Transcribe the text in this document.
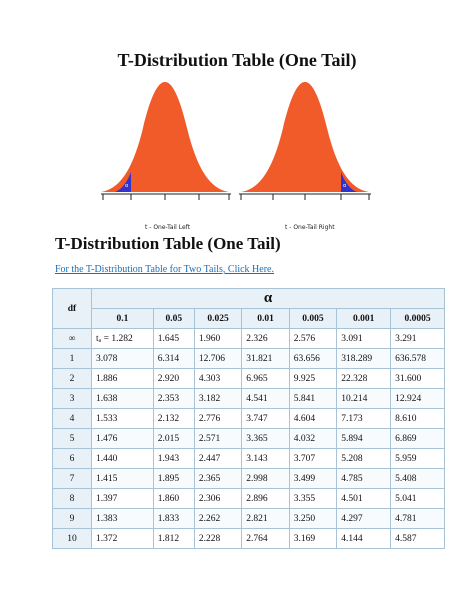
T-Distribution Table (One Tail)
α
t - One-Tail Left
α
t - One-Tail Right
T-Distribution Table (One Tail)
For the T-Distribution Table for Two Tails, Click Here.
df	α						
	0.1	0.05	0.025	0.01	0.005	0.001	0.0005
∞	tₐ = 1.282	1.645	1.960	2.326	2.576	3.091	3.291
1	3.078	6.314	12.706	31.821	63.656	318.289	636.578
2	1.886	2.920	4.303	6.965	9.925	22.328	31.600
3	1.638	2.353	3.182	4.541	5.841	10.214	12.924
4	1.533	2.132	2.776	3.747	4.604	7.173	8.610
5	1.476	2.015	2.571	3.365	4.032	5.894	6.869
6	1.440	1.943	2.447	3.143	3.707	5.208	5.959
7	1.415	1.895	2.365	2.998	3.499	4.785	5.408
8	1.397	1.860	2.306	2.896	3.355	4.501	5.041
9	1.383	1.833	2.262	2.821	3.250	4.297	4.781
10	1.372	1.812	2.228	2.764	3.169	4.144	4.587
